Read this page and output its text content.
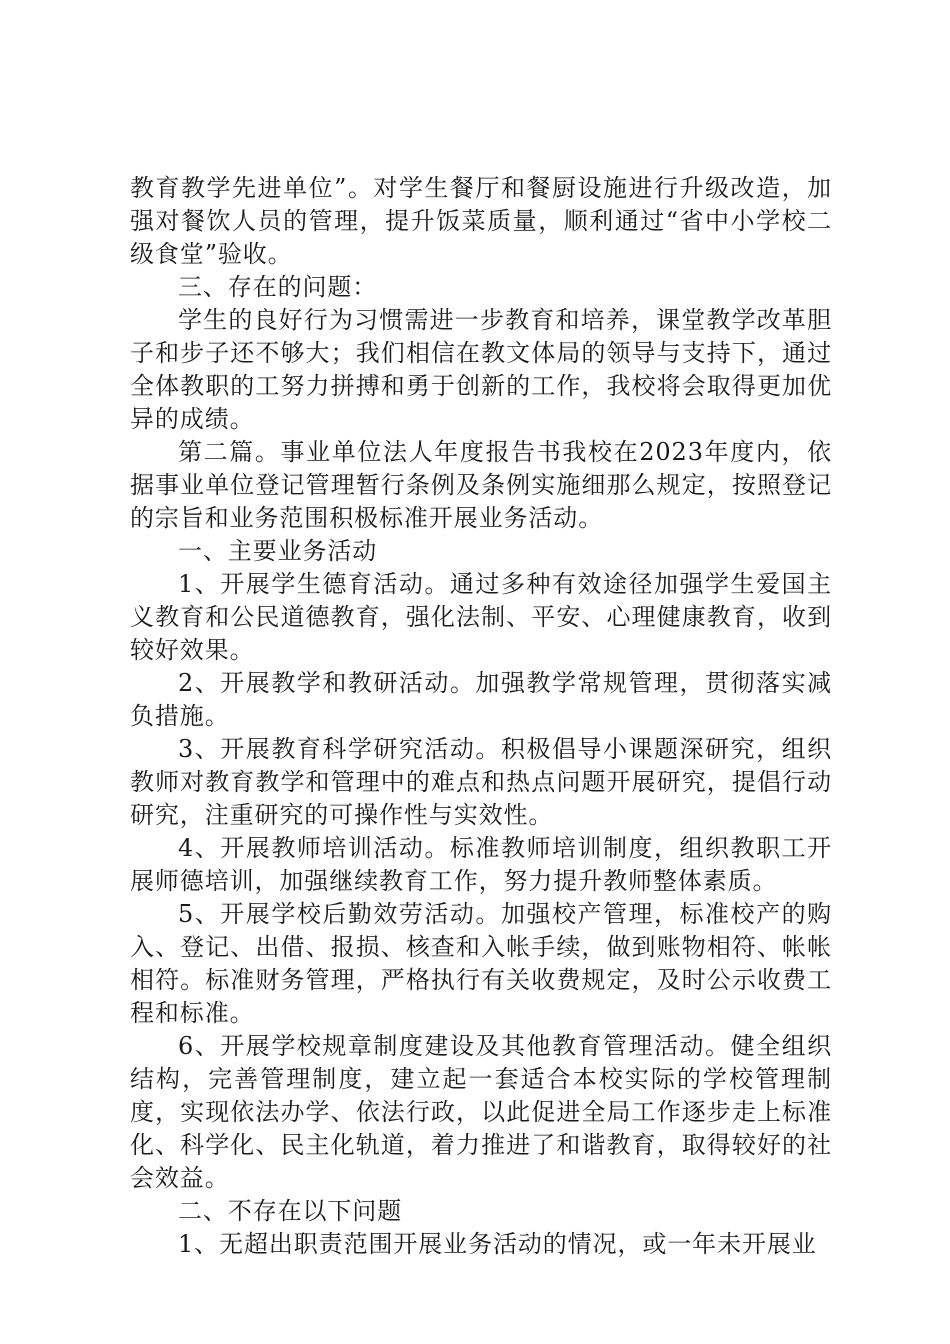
教育教学先进单位”。对学生餐厅和餐厨设施进行升级改造，加强对餐饮人员的管理，提升饭菜质量，顺利通过“省中小学校二级食堂”验收。

三、存在的问题：

学生的良好行为习惯需进一步教育和培养，课堂教学改革胆子和步子还不够大；我们相信在教文体局的领导与支持下，通过全体教职的工努力拼搏和勇于创新的工作，我校将会取得更加优异的成绩。

第二篇。事业单位法人年度报告书我校在2023年度内，依据事业单位登记管理暂行条例及条例实施细那么规定，按照登记的宗旨和业务范围积极标准开展业务活动。

一、主要业务活动

1、开展学生德育活动。通过多种有效途径加强学生爱国主义教育和公民道德教育，强化法制、平安、心理健康教育，收到较好效果。

2、开展教学和教研活动。加强教学常规管理，贯彻落实减负措施。

3、开展教育科学研究活动。积极倡导小课题深研究，组织教师对教育教学和管理中的难点和热点问题开展研究，提倡行动研究，注重研究的可操作性与实效性。

4、开展教师培训活动。标准教师培训制度，组织教职工开展师德培训，加强继续教育工作，努力提升教师整体素质。

5、开展学校后勤效劳活动。加强校产管理，标准校产的购入、登记、出借、报损、核查和入帐手续，做到账物相符、帐帐相符。标准财务管理，严格执行有关收费规定，及时公示收费工程和标准。

6、开展学校规章制度建设及其他教育管理活动。健全组织结构，完善管理制度，建立起一套适合本校实际的学校管理制度，实现依法办学、依法行政，以此促进全局工作逐步走上标准化、科学化、民主化轨道，着力推进了和谐教育，取得较好的社会效益。

二、不存在以下问题

1、无超出职责范围开展业务活动的情况，或一年未开展业
